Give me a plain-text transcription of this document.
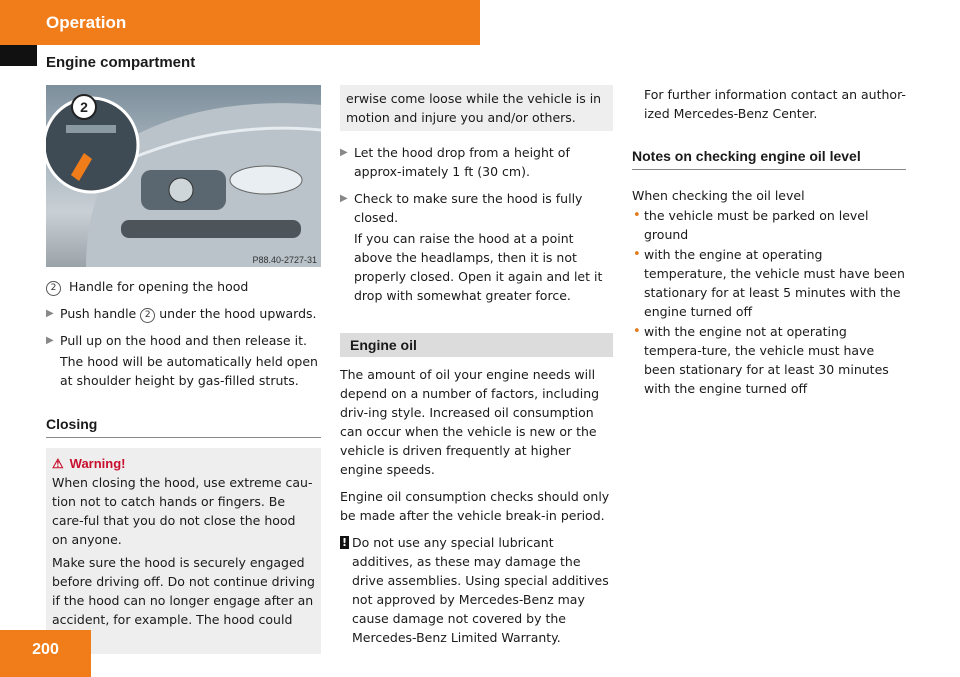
Operation
Engine compartment
2
P88.40-2727-31

2 Handle for opening the hood

▶ Push handle 2 under the hood upwards.
▶ Pull up on the hood and then release it.

The hood will be automatically held open at shoulder height by gas-filled struts.

Closing
⚠ Warning!

When closing the hood, use extreme cau-tion not to catch hands or fingers. Be care-ful that you do not close the hood on anyone.

Make sure the hood is securely engaged before driving off. Do not continue driving if the hood can no longer engage after an accident, for example. The hood could

erwise come loose while the vehicle is in motion and injure you and/or others.
▶ Let the hood drop from a height of approx-imately 1 ft (30 cm).
▶ Check to make sure the hood is fully closed.

If you can raise the hood at a point above the headlamps, then it is not properly closed. Open it again and let it drop with somewhat greater force.

Engine oil

The amount of oil your engine needs will depend on a number of factors, including driv-ing style. Increased oil consumption can occur when the vehicle is new or the vehicle is driven frequently at higher engine speeds.

Engine oil consumption checks should only be made after the vehicle break-in period.

! Do not use any special lubricant additives, as these may damage the drive assemblies. Using special additives not approved by Mercedes-Benz may cause damage not covered by the Mercedes-Benz Limited Warranty.

For further information contact an author-ized Mercedes-Benz Center.

Notes on checking engine oil level

When checking the oil level

• the vehicle must be parked on level ground
• with the engine at operating temperature, the vehicle must have been stationary for at least 5 minutes with the engine turned off
• with the engine not at operating tempera-ture, the vehicle must have been stationary for at least 30 minutes with the engine turned off
200
